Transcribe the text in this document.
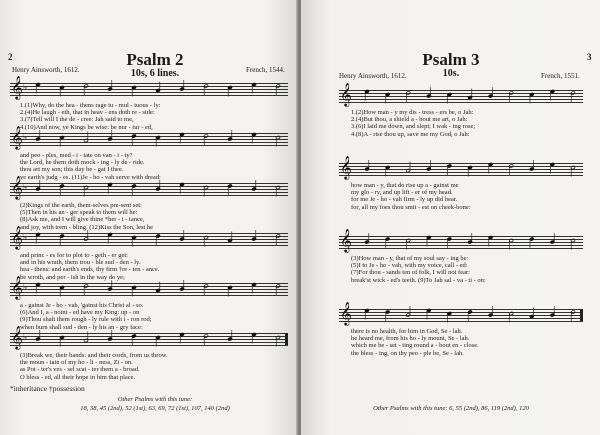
2	Psalm 2
10s, 6 lines.
Henry Ainsworth, 1612.	French, 1544.
𝄞 ♭
1.(1)Why, do the hea - thens rage tu - mul - tuous - ly:
2.(4)He laugh - eth, that in heav - ens doth re - side:
3.(7)Tell will I the de - cree: Jah said to me,
4.(10)And now, ye Kings be wise: be nur - tur - ed,
𝄞 ♭
and peo - ples, med - i - tate on van - i - ty?
the Lord, he them doth mock - ing - ly de - ride.
thou art my son; this day be - gat I thee.
ye earth's judg - es. (11)Je - ho - vah serve with dread:
𝄞 ♭
(2)Kings of the earth, them-selves pre-sent set:
(5)Then in his an - ger speak to them will he:
(8)Ask me, and I will give thine *her - i - tance,
and joy, with trem - bling. (12)Kiss the Son, lest he
𝄞 ♭
and princ - es for to plot to - geth - er get:
and in his wrath, them trou - ble sud - den - ly.
hea - thens: and earth's ends, thy firm †re - ten - ance.
be wroth, and per - ish in the way do ye;
𝄞 ♭
a - gainst Je - ho - vah, 'gainst his Christ al - so.
(6)And I, a - noint - ed have my King: up - on
(9)Thou shalt them rough - ly rule with i - ron rod;
when burn shall sud - den - ly his an - gry face:
𝄞 ♭
(3)Break we, their bands: and their cords, from us throw.
the moun - tain of my ho - li - ness, Zi - on.
as Pot - ter's ves - sel scat - ter them a - broad.
O bless - ed, all their hope in him that place.
*inheritance †possession
Other Psalms with this tune:
18, 38, 45 (2nd), 52 (1st), 63, 69, 72 (1st), 107, 140 (2nd)
3
Psalm 3
10s.
Henry Ainsworth, 1612.	French, 1551.
𝄞
1.(2)How man - y my dis - tress - ers be, o Jah:
2.(4)But thou, a shield a - bout me art, o Jah:
3.(6)I laid me down, and slept; I wak - ing rose;
4.(8)A - rise thou up, save me my God, o Jah:
𝄞
how man - y, that do rise up a - gainst me
my glo - ry, and up lift - er of my head.
for me Je - ho - vah firm - ly up did bear.
for, all my foes thou smit - est on cheek-bone:
𝄞
(3)How man - y, that of my soul say - ing be:
(5)I to Je - ho - vah, with my voice, call - ed:
(7)For thou - sands ten of folk, I will not fear:
break'st wick - ed's teeth. (9)To Jah sal - va - ti - on:
𝄞
there is no health, for him in God, Se - lah.
he heard me, from his ho - ly mount, Se - lah.
which me be - set - ting round a - bout en - close.
the bless - ing, on thy peo - ple be, Se - lah.
Other Psalms with this tune: 6, 55 (2nd), 86, 119 (2nd), 120
